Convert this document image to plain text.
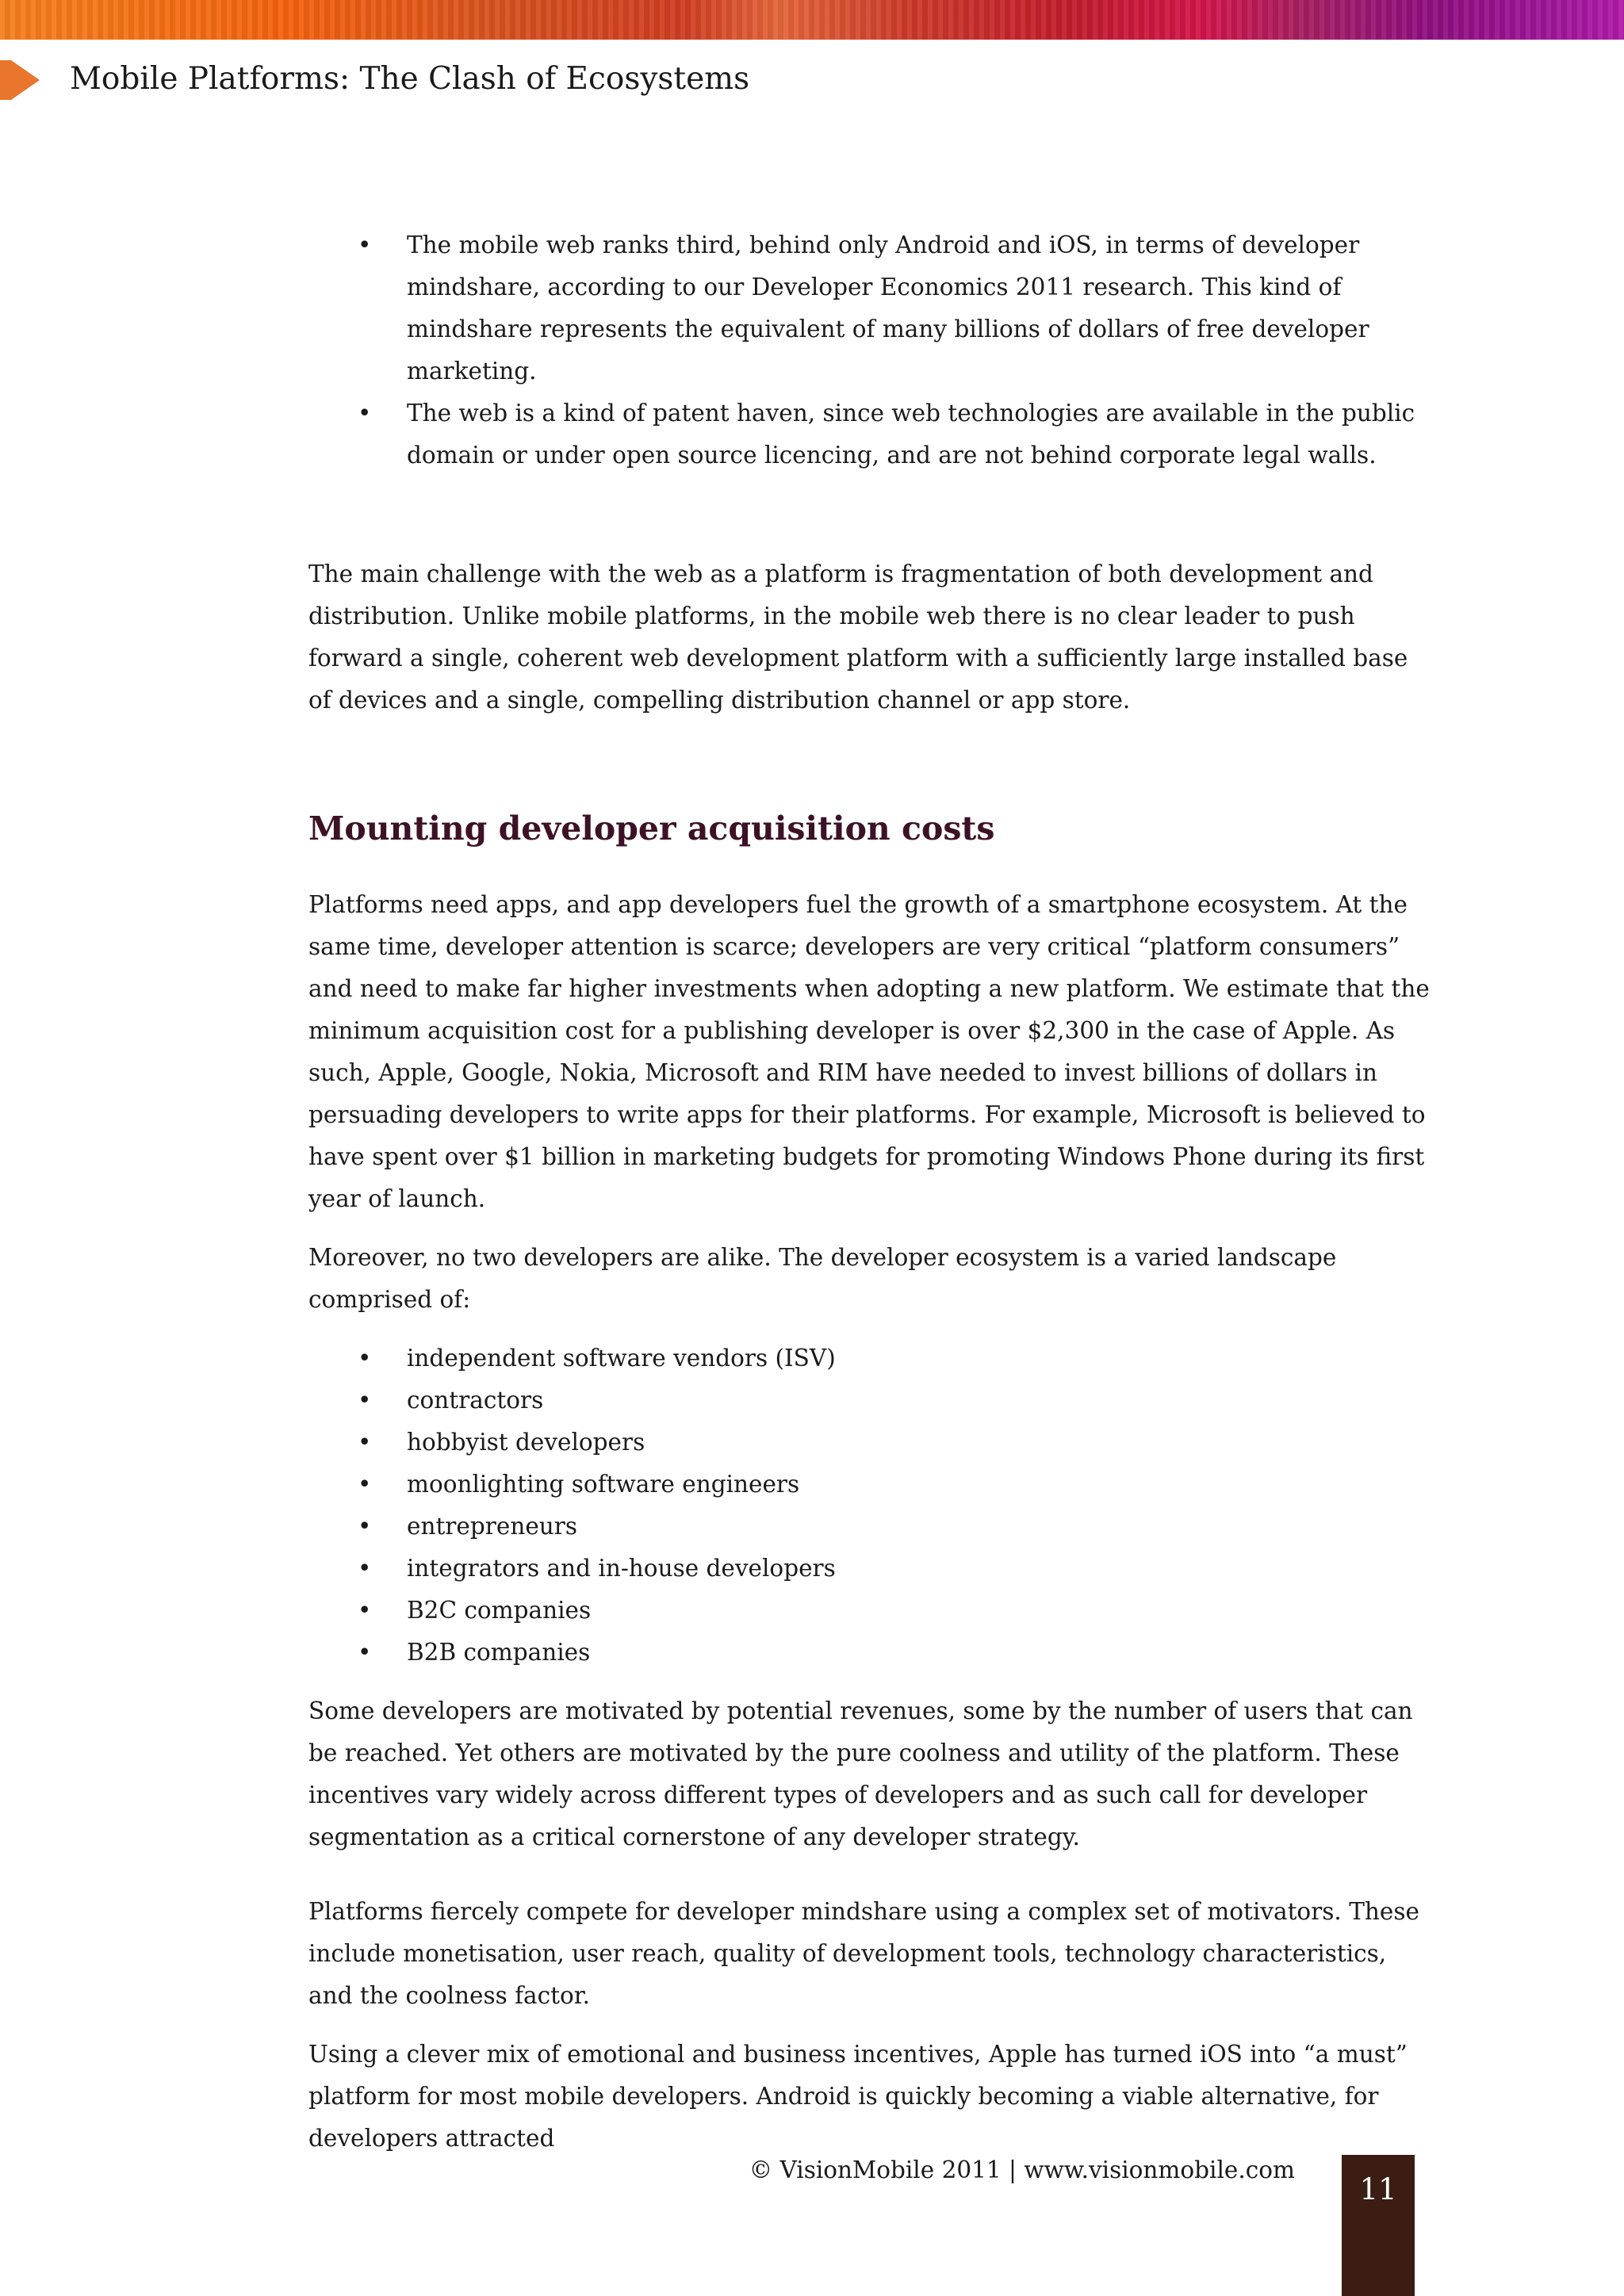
Mobile Platforms: The Clash of Ecosystems
• The mobile web ranks third, behind only Android and iOS, in terms of developer mindshare, according to our Developer Economics 2011 research. This kind of mindshare represents the equivalent of many billions of dollars of free developer marketing.
• The web is a kind of patent haven, since web technologies are available in the public domain or under open source licencing, and are not behind corporate legal walls.

The main challenge with the web as a platform is fragmentation of both development and distribution. Unlike mobile platforms, in the mobile web there is no clear leader to push forward a single, coherent web development platform with a sufficiently large installed base of devices and a single, compelling distribution channel or app store.

Mounting developer acquisition costs

Platforms need apps, and app developers fuel the growth of a smartphone ecosystem. At the same time, developer attention is scarce; developers are very critical “platform consumers” and need to make far higher investments when adopting a new platform. We estimate that the minimum acquisition cost for a publishing developer is over $2,300 in the case of Apple. As such, Apple, Google, Nokia, Microsoft and RIM have needed to invest billions of dollars in persuading developers to write apps for their platforms. For example, Microsoft is believed to have spent over $1 billion in marketing budgets for promoting Windows Phone during its first year of launch.

Moreover, no two developers are alike. The developer ecosystem is a varied landscape comprised of:

• independent software vendors (ISV)
• contractors
• hobbyist developers
• moonlighting software engineers
• entrepreneurs
• integrators and in-house developers
• B2C companies
• B2B companies

Some developers are motivated by potential revenues, some by the number of users that can be reached. Yet others are motivated by the pure coolness and utility of the platform. These incentives vary widely across different types of developers and as such call for developer segmentation as a critical cornerstone of any developer strategy.

Platforms fiercely compete for developer mindshare using a complex set of motivators. These include monetisation, user reach, quality of development tools, technology characteristics, and the coolness factor.

Using a clever mix of emotional and business incentives, Apple has turned iOS into “a must” platform for most mobile developers. Android is quickly becoming a viable alternative, for developers attracted

© VisionMobile 2011 | www.visionmobile.com
11
